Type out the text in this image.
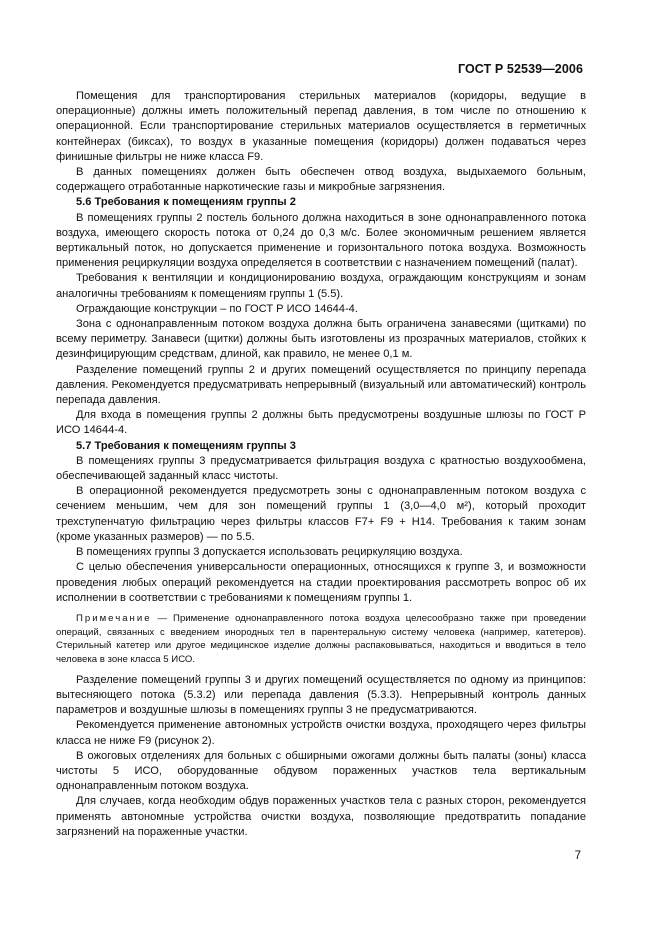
ГОСТ Р 52539—2006

Помещения для транспортирования стерильных материалов (коридоры, ведущие в операционные) должны иметь положительный перепад давления, в том числе по отношению к операционной. Если транспортирование стерильных материалов осуществляется в герметичных контейнерах (биксах), то воздух в указанные помещения (коридоры) должен подаваться через финишные фильтры не ниже класса F9.

В данных помещениях должен быть обеспечен отвод воздуха, выдыхаемого больным, содержащего отработанные наркотические газы и микробные загрязнения.

5.6 Требования к помещениям группы 2

В помещениях группы 2 постель больного должна находиться в зоне однонаправленного потока воздуха, имеющего скорость потока от 0,24 до 0,3 м/с. Более экономичным решением является вертикальный поток, но допускается применение и горизонтального потока воздуха. Возможность применения рециркуляции воздуха определяется в соответствии с назначением помещений (палат).

Требования к вентиляции и кондиционированию воздуха, ограждающим конструкциям и зонам аналогичны требованиям к помещениям группы 1 (5.5).

Ограждающие конструкции – по ГОСТ Р ИСО 14644-4.

Зона с однонаправленным потоком воздуха должна быть ограничена занавесями (щитками) по всему периметру. Занавеси (щитки) должны быть изготовлены из прозрачных материалов, стойких к дезинфицирующим средствам, длиной, как правило, не менее 0,1 м.

Разделение помещений группы 2 и других помещений осуществляется по принципу перепада давления. Рекомендуется предусматривать непрерывный (визуальный или автоматический) контроль перепада давления.

Для входа в помещения группы 2 должны быть предусмотрены воздушные шлюзы по ГОСТ Р ИСО 14644-4.

5.7 Требования к помещениям группы 3

В помещениях группы 3 предусматривается фильтрация воздуха с кратностью воздухообмена, обеспечивающей заданный класс чистоты.

В операционной рекомендуется предусмотреть зоны с однонаправленным потоком воздуха с сечением меньшим, чем для зон помещений группы 1 (3,0—4,0 м²), который проходит трехступенчатую фильтрацию через фильтры классов F7+ F9 + H14. Требования к таким зонам (кроме указанных размеров) — по 5.5.

В помещениях группы 3 допускается использовать рециркуляцию воздуха.

С целью обеспечения универсальности операционных, относящихся к группе 3, и возможности проведения любых операций рекомендуется на стадии проектирования рассмотреть вопрос об их исполнении в соответствии с требованиями к помещениям группы 1.

Примечание — Применение однонаправленного потока воздуха целесообразно также при проведении операций, связанных с введением инородных тел в парентеральную систему человека (например, катетеров). Стерильный катетер или другое медицинское изделие должны распаковываться, находиться и вводиться в тело человека в зоне класса 5 ИСО.

Разделение помещений группы 3 и других помещений осуществляется по одному из принципов: вытесняющего потока (5.3.2) или перепада давления (5.3.3). Непрерывный контроль данных параметров и воздушные шлюзы в помещениях группы 3 не предусматриваются.

Рекомендуется применение автономных устройств очистки воздуха, проходящего через фильтры класса не ниже F9 (рисунок 2).

В ожоговых отделениях для больных с обширными ожогами должны быть палаты (зоны) класса чистоты 5 ИСО, оборудованные обдувом пораженных участков тела вертикальным однонаправленным потоком воздуха.

Для случаев, когда необходим обдув пораженных участков тела с разных сторон, рекомендуется применять автономные устройства очистки воздуха, позволяющие предотвратить попадание загрязнений на пораженные участки.

7
